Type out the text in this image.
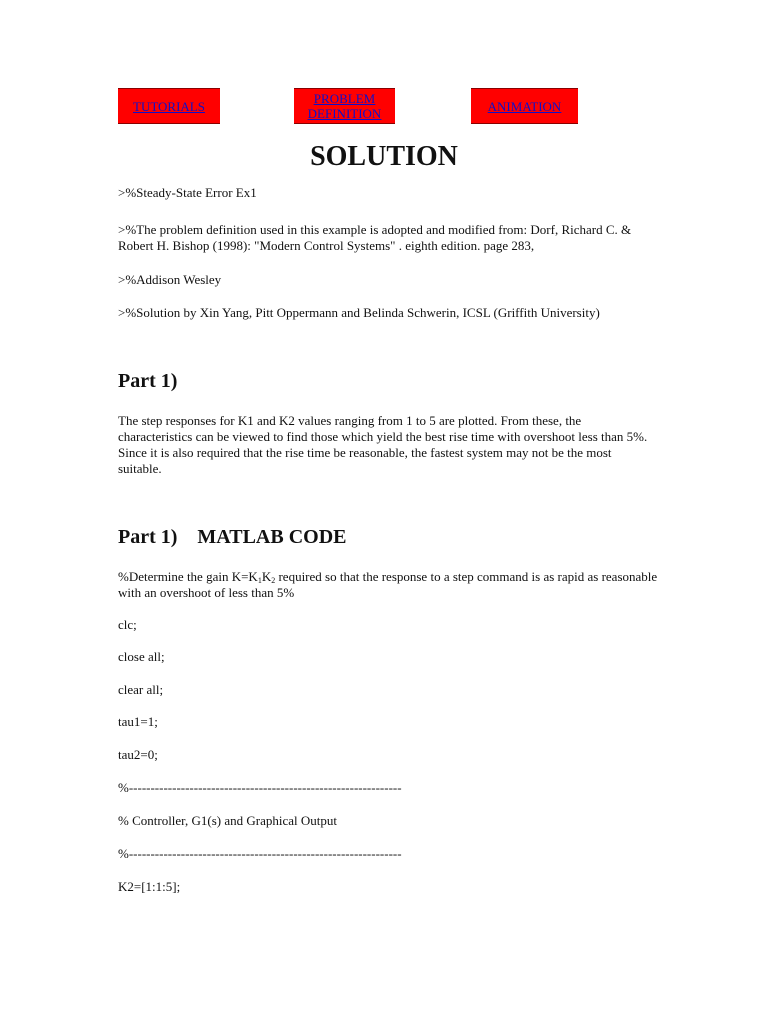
TUTORIALS	PROBLEM
DEFINITION	ANIMATION
SOLUTION

>%Steady-State Error Ex1

>%The problem definition used in this example is adopted and modified from: Dorf, Richard C. & Robert H. Bishop (1998): "Modern Control Systems" . eighth edition. page 283,

>%Addison Wesley

>%Solution by Xin Yang, Pitt Oppermann and Belinda Schwerin, ICSL (Griffith University)

Part 1)

The step responses for K1 and K2 values ranging from 1 to 5 are plotted. From these, the characteristics can be viewed to find those which yield the best rise time with overshoot less than 5%. Since it is also required that the rise time be reasonable, the fastest system may not be the most suitable.

Part 1)    MATLAB CODE

%Determine the gain $K=K_1K_2$ required so that the response to a step command is as rapid as reasonable with an overshoot of less than 5%

clc;

close all;

clear all;

tau1=1;

tau2=0;

%---------------------------------------------------------------

% Controller, G1(s) and Graphical Output

%---------------------------------------------------------------

K2=[1:1:5];
